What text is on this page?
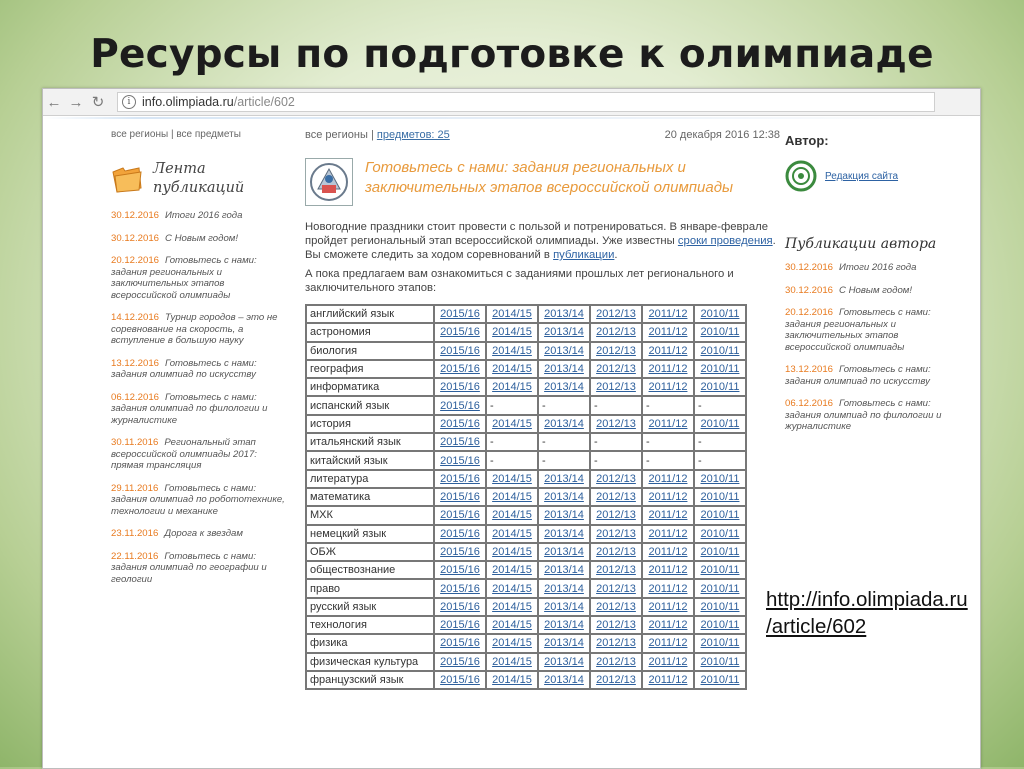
Ресурсы по подготовке к олимпиаде
← → ↻	i info.olimpiada.ru /article/602
все регионы | все предметы
Лента
публикаций
30.12.2016 Итоги 2016 года
30.12.2016 С Новым годом!
20.12.2016 Готовьтесь с нами: задания региональных и заключительных этапов всероссийской олимпиады
14.12.2016 Турнир городов – это не соревнование на скорость, а вступление в большую науку
13.12.2016 Готовьтесь с нами: задания олимпиад по искусству
06.12.2016 Готовьтесь с нами: задания олимпиад по филологии и журналистике
30.11.2016 Региональный этап всероссийской олимпиады 2017: прямая трансляция
29.11.2016 Готовьтесь с нами: задания олимпиад по робототехнике, технологии и механике
23.11.2016 Дорога к звездам
22.11.2016 Готовьтесь с нами: задания олимпиад по географии и геологии
все регионы | предметов: 25	20 декабря 2016 12:38
Готовьтесь с нами: задания региональных и заключительных этапов всероссийской олимпиады
Новогодние праздники стоит провести с пользой и потренироваться. В январе-феврале пройдет региональный этап всероссийской олимпиады. Уже известны сроки проведения. Вы сможете следить за ходом соревнований в публикации.
А пока предлагаем вам ознакомиться с заданиями прошлых лет регионального и заключительного этапов:
английский язык	2015/16	2014/15	2013/14	2012/13	2011/12	2010/11
астрономия	2015/16	2014/15	2013/14	2012/13	2011/12	2010/11
биология	2015/16	2014/15	2013/14	2012/13	2011/12	2010/11
география	2015/16	2014/15	2013/14	2012/13	2011/12	2010/11
информатика	2015/16	2014/15	2013/14	2012/13	2011/12	2010/11
испанский язык	2015/16	-	-	-	-	-
история	2015/16	2014/15	2013/14	2012/13	2011/12	2010/11
итальянский язык	2015/16	-	-	-	-	-
китайский язык	2015/16	-	-	-	-	-
литература	2015/16	2014/15	2013/14	2012/13	2011/12	2010/11
математика	2015/16	2014/15	2013/14	2012/13	2011/12	2010/11
МХК	2015/16	2014/15	2013/14	2012/13	2011/12	2010/11
немецкий язык	2015/16	2014/15	2013/14	2012/13	2011/12	2010/11
ОБЖ	2015/16	2014/15	2013/14	2012/13	2011/12	2010/11
обществознание	2015/16	2014/15	2013/14	2012/13	2011/12	2010/11
право	2015/16	2014/15	2013/14	2012/13	2011/12	2010/11
русский язык	2015/16	2014/15	2013/14	2012/13	2011/12	2010/11
технология	2015/16	2014/15	2013/14	2012/13	2011/12	2010/11
физика	2015/16	2014/15	2013/14	2012/13	2011/12	2010/11
физическая культура	2015/16	2014/15	2013/14	2012/13	2011/12	2010/11
французский язык	2015/16	2014/15	2013/14	2012/13	2011/12	2010/11
Автор:
Редакция сайта
Публикации автора
30.12.2016 Итоги 2016 года
30.12.2016 С Новым годом!
20.12.2016 Готовьтесь с нами: задания региональных и заключительных этапов всероссийской олимпиады
13.12.2016 Готовьтесь с нами: задания олимпиад по искусству
06.12.2016 Готовьтесь с нами: задания олимпиад по филологии и журналистике
http://info.olimpiada.ru
/article/602
